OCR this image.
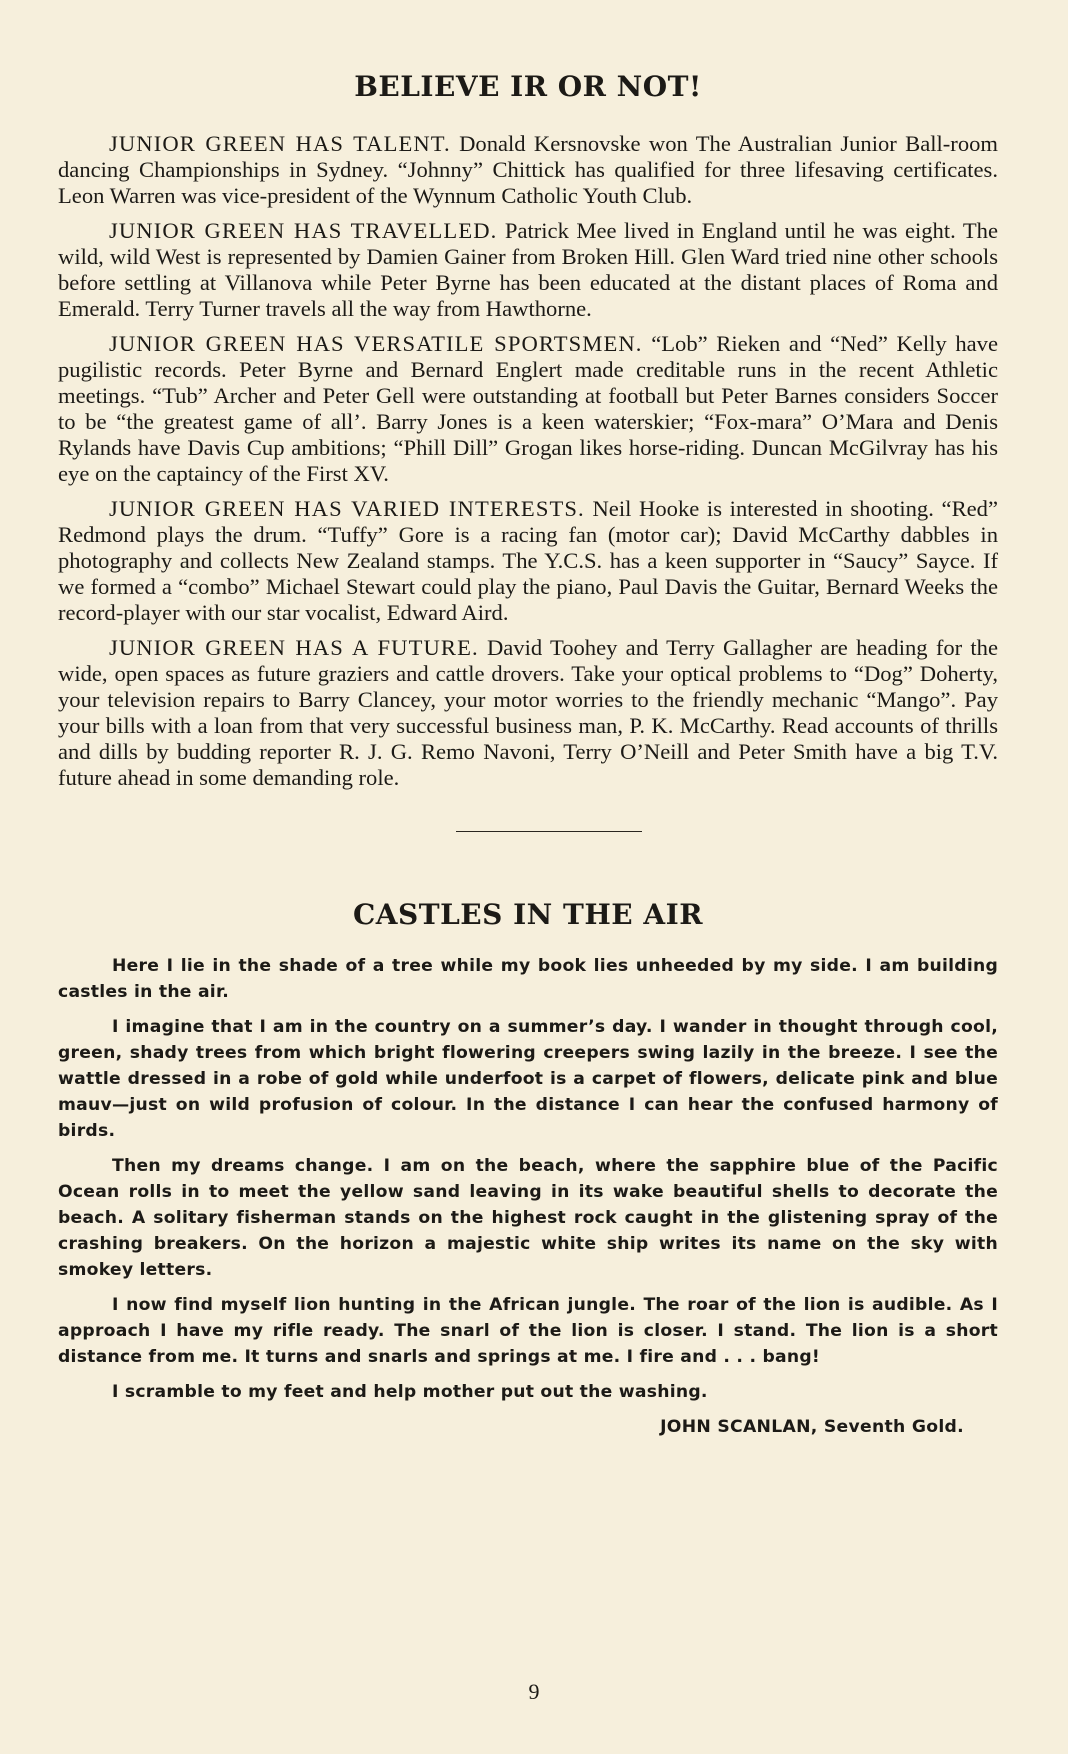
BELIEVE IR OR NOT!

JUNIOR GREEN HAS TALENT. Donald Kersnovske won The Australian Junior Ball-room dancing Championships in Sydney. “Johnny” Chittick has qualified for three lifesaving certificates. Leon Warren was vice-president of the Wynnum Catholic Youth Club.

JUNIOR GREEN HAS TRAVELLED. Patrick Mee lived in England until he was eight. The wild, wild West is represented by Damien Gainer from Broken Hill. Glen Ward tried nine other schools before settling at Villanova while Peter Byrne has been educated at the distant places of Roma and Emerald. Terry Turner travels all the way from Hawthorne.

JUNIOR GREEN HAS VERSATILE SPORTSMEN. “Lob” Rieken and “Ned” Kelly have pugilistic records. Peter Byrne and Bernard Englert made creditable runs in the recent Athletic meetings. “Tub” Archer and Peter Gell were outstanding at football but Peter Barnes considers Soccer to be “the greatest game of all’. Barry Jones is a keen waterskier; “Fox-mara” O’Mara and Denis Rylands have Davis Cup ambitions; “Phill Dill” Grogan likes horse-riding. Duncan McGilvray has his eye on the captaincy of the First XV.

JUNIOR GREEN HAS VARIED INTERESTS. Neil Hooke is interested in shooting. “Red” Redmond plays the drum. “Tuffy” Gore is a racing fan (motor car); David McCarthy dabbles in photography and collects New Zealand stamps. The Y.C.S. has a keen supporter in “Saucy” Sayce. If we formed a “combo” Michael Stewart could play the piano, Paul Davis the Guitar, Bernard Weeks the record-player with our star vocalist, Edward Aird.

JUNIOR GREEN HAS A FUTURE. David Toohey and Terry Gallagher are heading for the wide, open spaces as future graziers and cattle drovers. Take your optical problems to “Dog” Doherty, your television repairs to Barry Clancey, your motor worries to the friendly mechanic “Mango”. Pay your bills with a loan from that very successful business man, P. K. McCarthy. Read accounts of thrills and dills by budding reporter R. J. G. Remo Navoni, Terry O’Neill and Peter Smith have a big T.V. future ahead in some demanding role.

CASTLES IN THE AIR

Here I lie in the shade of a tree while my book lies unheeded by my side. I am building castles in the air.

I imagine that I am in the country on a summer’s day. I wander in thought through cool, green, shady trees from which bright flowering creepers swing lazily in the breeze. I see the wattle dressed in a robe of gold while underfoot is a carpet of flowers, delicate pink and blue mauv—just on wild profusion of colour. In the distance I can hear the confused harmony of birds.

Then my dreams change. I am on the beach, where the sapphire blue of the Pacific Ocean rolls in to meet the yellow sand leaving in its wake beautiful shells to decorate the beach. A solitary fisherman stands on the highest rock caught in the glistening spray of the crashing breakers. On the horizon a majestic white ship writes its name on the sky with smokey letters.

I now find myself lion hunting in the African jungle. The roar of the lion is audible. As I approach I have my rifle ready. The snarl of the lion is closer. I stand. The lion is a short distance from me. It turns and snarls and springs at me. I fire and . . . bang!

I scramble to my feet and help mother put out the washing.

JOHN SCANLAN, Seventh Gold.

9
